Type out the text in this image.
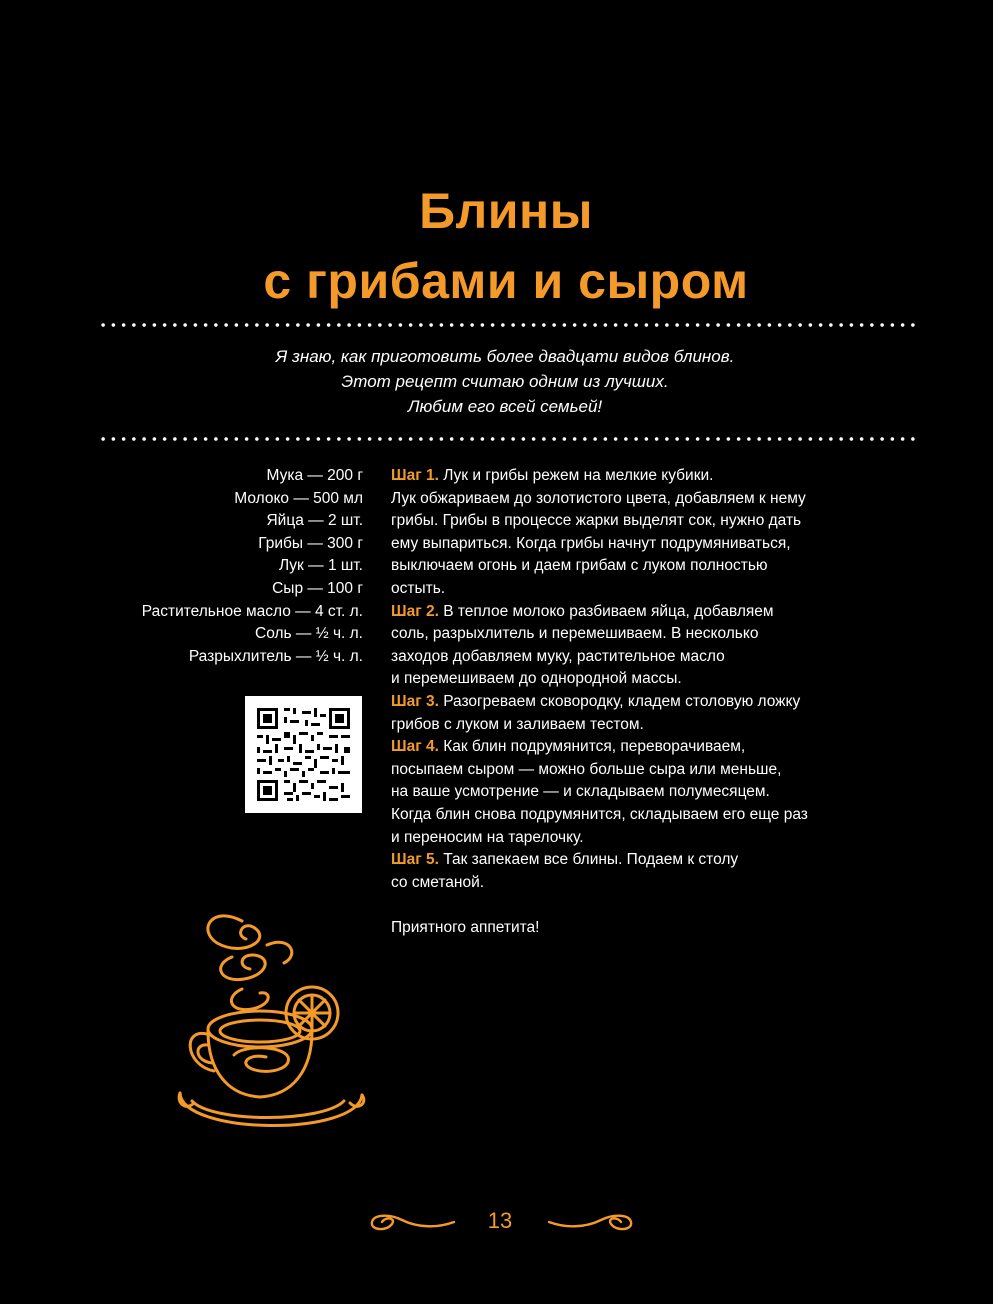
Блины
с грибами и сыром
Я знаю, как приготовить более двадцати видов блинов.
Этот рецепт считаю одним из лучших.
Любим его всей семьей!
Мука — 200 г
Молоко — 500 мл
Яйца — 2 шт.
Грибы — 300 г
Лук — 1 шт.
Сыр — 100 г
Растительное масло — 4 ст. л.
Соль — ½ ч. л.
Разрыхлитель — ½ ч. л.
Шаг 1. Лук и грибы режем на мелкие кубики.
Лук обжариваем до золотистого цвета, добавляем к нему
грибы. Грибы в процессе жарки выделят сок, нужно дать
ему выпариться. Когда грибы начнут подрумяниваться,
выключаем огонь и даем грибам с луком полностью
остыть.
Шаг 2. В теплое молоко разбиваем яйца, добавляем
соль, разрыхлитель и перемешиваем. В несколько
заходов добавляем муку, растительное масло
и перемешиваем до однородной массы.
Шаг 3. Разогреваем сковородку, кладем столовую ложку
грибов с луком и заливаем тестом.
Шаг 4. Как блин подрумянится, переворачиваем,
посыпаем сыром — можно больше сыра или меньше,
на ваше усмотрение — и складываем полумесяцем.
Когда блин снова подрумянится, складываем его еще раз
и переносим на тарелочку.
Шаг 5. Так запекаем все блины. Подаем к столу
со сметаной.
Приятного аппетита!
13
